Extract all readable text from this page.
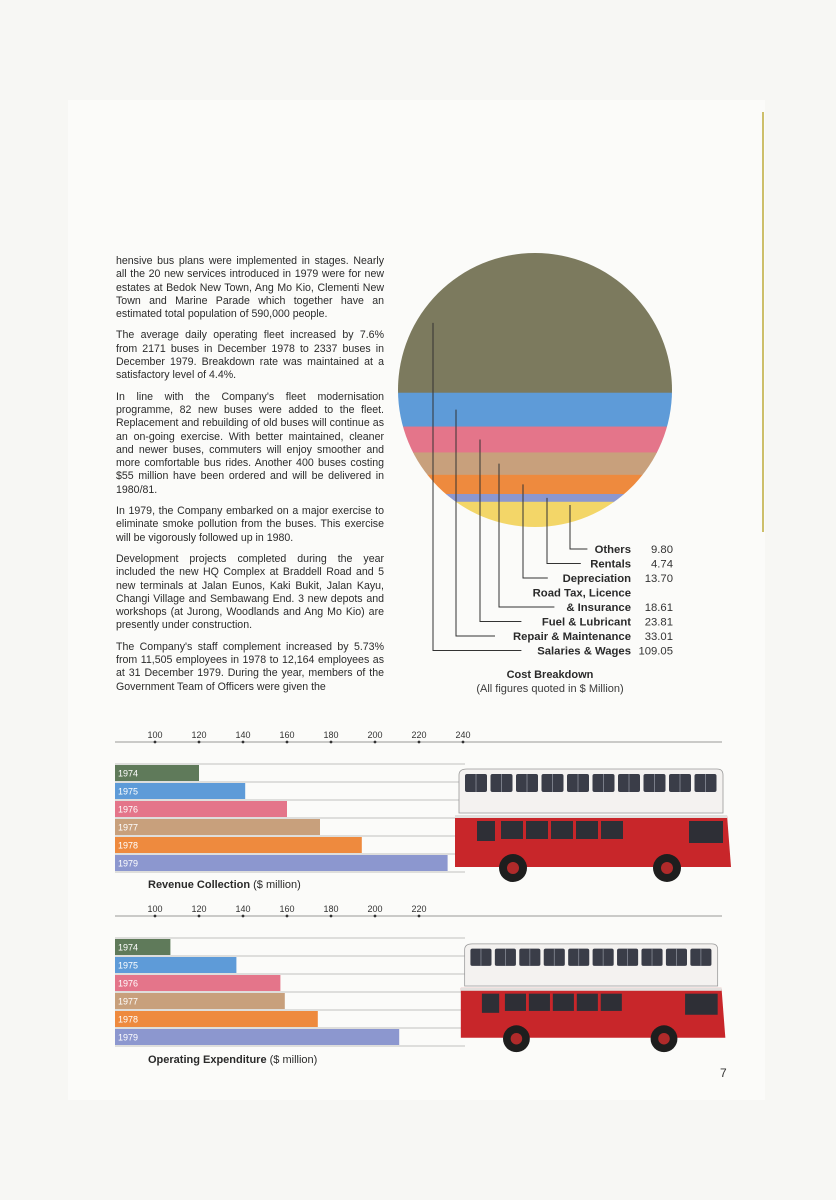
hensive bus plans were implemented in stages. Nearly all the 20 new services introduced in 1979 were for new estates at Bedok New Town, Ang Mo Kio, Clementi New Town and Marine Parade which together have an estimated total population of 590,000 people.

The average daily operating fleet increased by 7.6% from 2171 buses in December 1978 to 2337 buses in December 1979. Breakdown rate was maintained at a satisfactory level of 4.4%.

In line with the Company's fleet modernisation programme, 82 new buses were added to the fleet. Replacement and rebuilding of old buses will continue as an on-going exercise. With better maintained, cleaner and newer buses, commuters will enjoy smoother and more comfortable bus rides. Another 400 buses costing $55 million have been ordered and will be delivered in 1980/81.

In 1979, the Company embarked on a major exercise to eliminate smoke pollution from the buses. This exercise will be vigorously followed up in 1980.

Development projects completed during the year included the new HQ Complex at Braddell Road and 5 new terminals at Jalan Eunos, Kaki Bukit, Jalan Kayu, Changi Village and Sembawang End. 3 new depots and workshops (at Jurong, Woodlands and Ang Mo Kio) are presently under construction.

The Company's staff complement increased by 5.73% from 11,505 employees in 1978 to 12,164 employees as at 31 December 1979. During the year, members of the Government Team of Officers were given the

Others 9.80
Rentals 4.74
Depreciation 13.70
Road Tax, Licence
& Insurance 18.61
Fuel & Lubricant 23.81
Repair & Maintenance 33.01
Salaries & Wages 109.05
Cost Breakdown
(All figures quoted in $ Million)
100	120	140	160	180	200	220	240
1974
1975
1976
1977
1978
1979
Revenue Collection ($ million)
100	120	140	160	180	200	220
1974
1975
1976
1977
1978
1979
Operating Expenditure ($ million)
7
